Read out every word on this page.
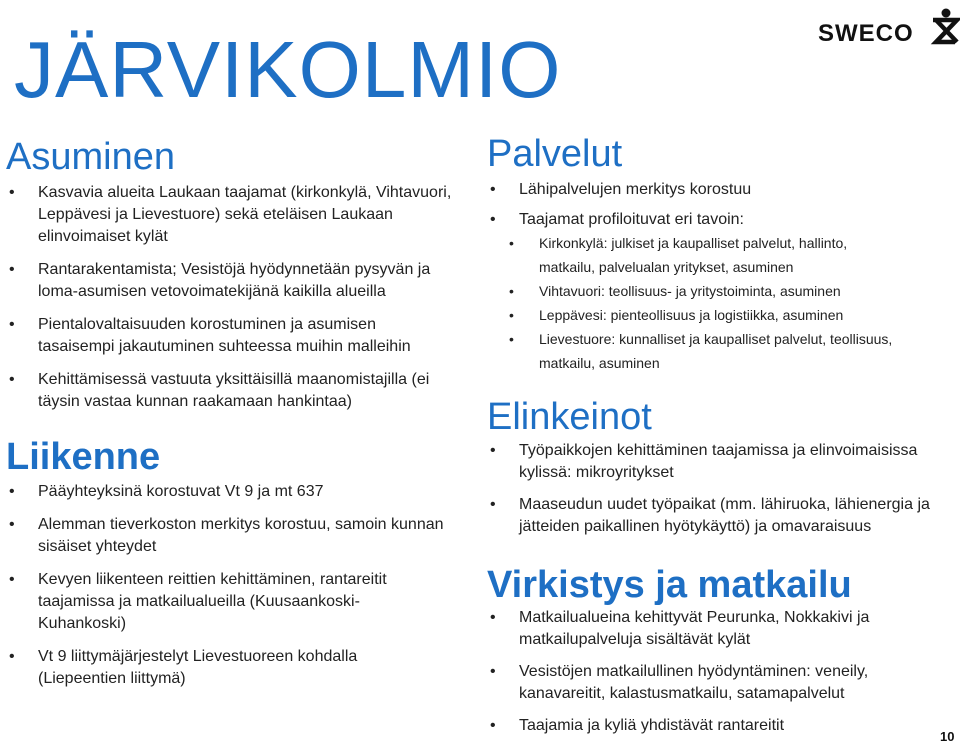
JÄRVIKOLMIO	SWECO
Asuminen
• Kasvavia alueita Laukaan taajamat (kirkonkylä, Vihtavuori, Leppävesi ja Lievestuore) sekä eteläisen Laukaan elinvoimaiset kylät
• Rantarakentamista; Vesistöjä hyödynnetään pysyvän ja loma-asumisen vetovoimatekijänä kaikilla alueilla
• Pientalovaltaisuuden korostuminen ja asumisen tasaisempi jakautuminen suhteessa muihin malleihin
• Kehittämisessä vastuuta yksittäisillä maanomistajilla (ei täysin vastaa kunnan raakamaan hankintaa)
Liikenne
• Pääyhteyksinä korostuvat Vt 9 ja mt 637
• Alemman tieverkoston merkitys korostuu, samoin kunnan sisäiset yhteydet
• Kevyen liikenteen reittien kehittäminen, rantareitit taajamissa ja matkailualueilla (Kuusaankoski-Kuhankoski)
• Vt 9 liittymäjärjestelyt Lievestuoreen kohdalla (Liepeentien liittymä)
Palvelut
• Lähipalvelujen merkitys korostuu
• Taajamat profiloituvat eri tavoin:
• Kirkonkylä: julkiset ja kaupalliset palvelut, hallinto, matkailu, palvelualan yritykset, asuminen
• Vihtavuori: teollisuus- ja yritystoiminta, asuminen
• Leppävesi: pienteollisuus ja logistiikka, asuminen
• Lievestuore: kunnalliset ja kaupalliset palvelut, teollisuus, matkailu, asuminen
Elinkeinot
• Työpaikkojen kehittäminen taajamissa ja elinvoimaisissa kylissä: mikroyritykset
• Maaseudun uudet työpaikat (mm. lähiruoka, lähienergia ja jätteiden paikallinen hyötykäyttö) ja omavaraisuus
Virkistys ja matkailu
• Matkailualueina kehittyvät Peurunka, Nokkakivi ja matkailupalveluja sisältävät kylät
• Vesistöjen matkailullinen hyödyntäminen: veneily, kanavareitit, kalastusmatkailu, satamapalvelut
• Taajamia ja kyliä yhdistävät rantareitit
10
